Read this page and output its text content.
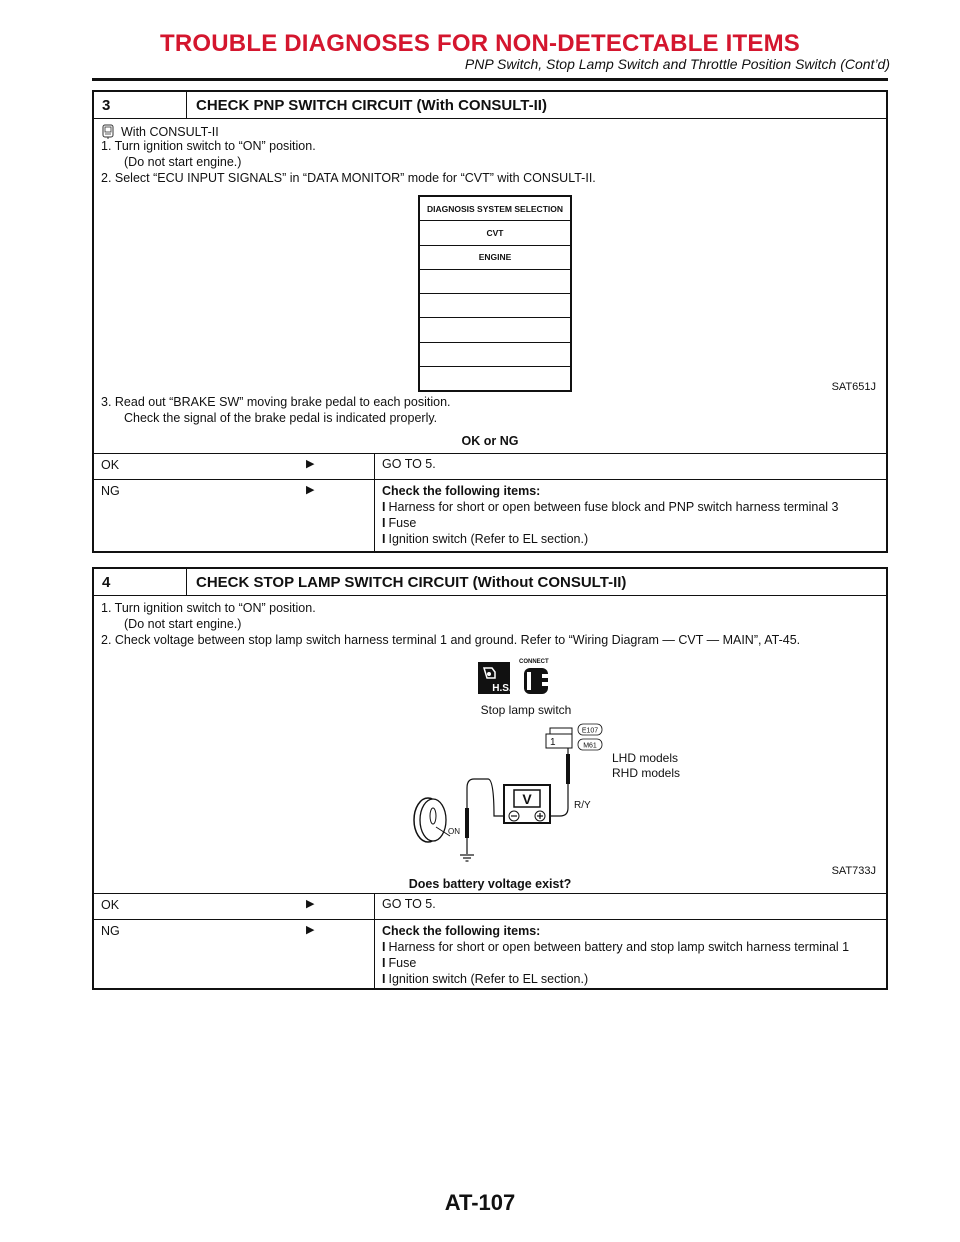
TROUBLE DIAGNOSES FOR NON-DETECTABLE ITEMS
PNP Switch, Stop Lamp Switch and Throttle Position Switch (Cont’d)
3	CHECK PNP SWITCH CIRCUIT (With CONSULT-II)
With CONSULT-II
1. Turn ignition switch to “ON” position.
(Do not start engine.)
2. Select “ECU INPUT SIGNALS” in “DATA MONITOR” mode for “CVT” with CONSULT-II.
DIAGNOSIS SYSTEM SELECTION
CVT
ENGINE
SAT651J
3. Read out “BRAKE SW” moving brake pedal to each position.
Check the signal of the brake pedal is indicated properly.
OK or NG
OK	▶	GO TO 5.
NG	▶	Check the following items:
I Harness for short or open between fuse block and PNP switch harness terminal 3
I Fuse
I Ignition switch (Refer to EL section.)
4	CHECK STOP LAMP SWITCH CIRCUIT (Without CONSULT-II)
1. Turn ignition switch to “ON” position.
(Do not start engine.)
2. Check voltage between stop lamp switch harness terminal 1 and ground. Refer to “Wiring Diagram — CVT — MAIN”, AT-45.
H.S.
CONNECT
Stop lamp switch
1
E107
M61
R/Y
V
ON
LHD models
RHD models
SAT733J
Does battery voltage exist?
OK	▶	GO TO 5.
NG	▶	Check the following items:
I Harness for short or open between battery and stop lamp switch harness terminal 1
I Fuse
I Ignition switch (Refer to EL section.)
AT-107
